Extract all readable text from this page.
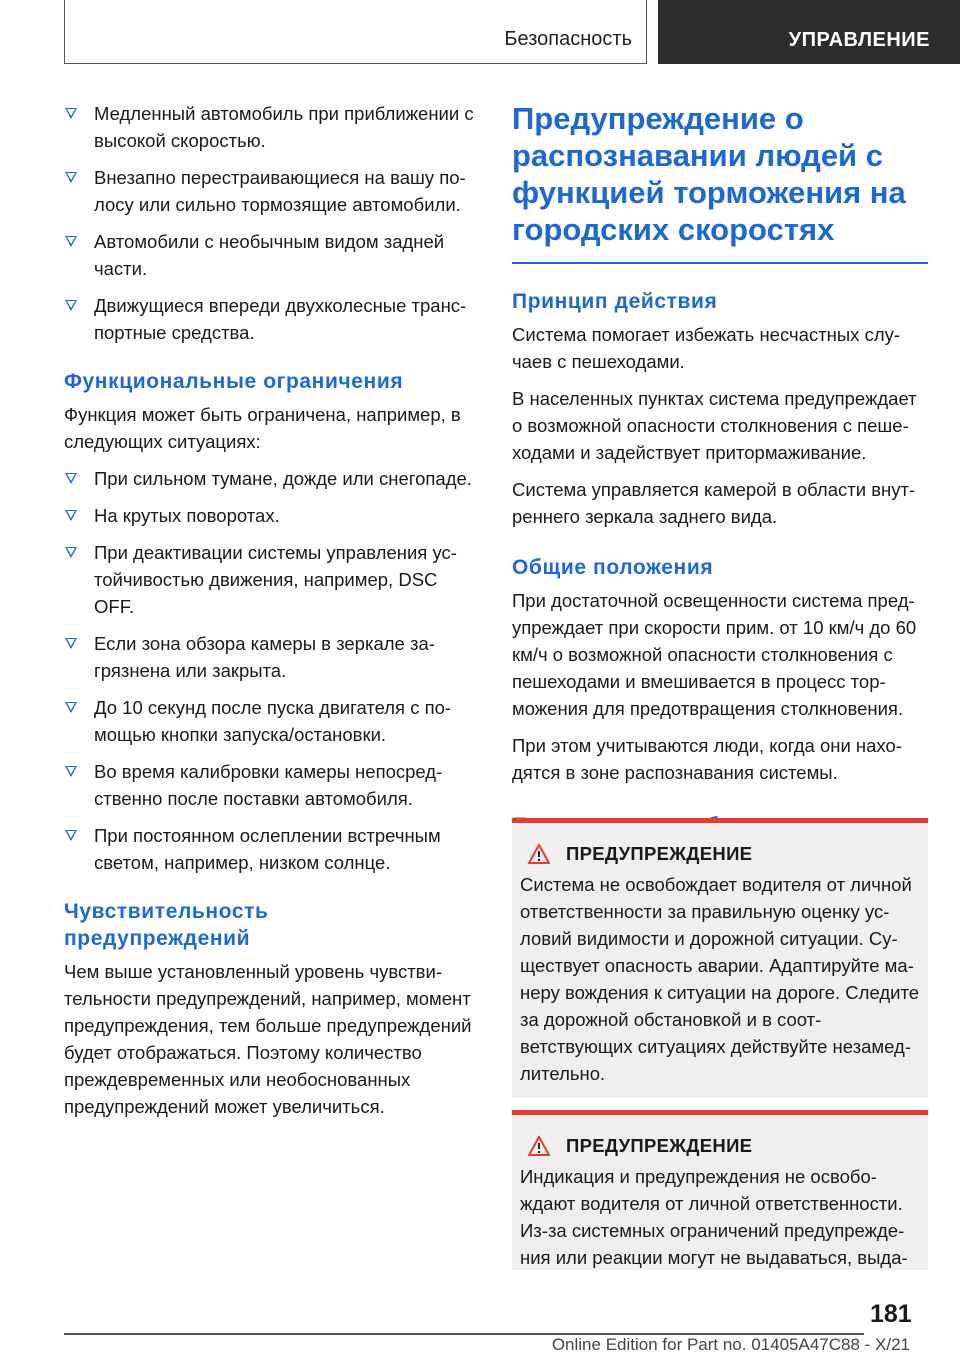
Безопасность	УПРАВЛЕНИЕ
Медленный автомобиль при приближении с высокой скоростью.
Внезапно перестраивающиеся на вашу полосу или сильно тормозящие автомобили.
Автомобили с необычным видом задней части.
Движущиеся впереди двухколесные транспортные средства.
Функциональные ограничения

Функция может быть ограничена, например, в следующих ситуациях:

При сильном тумане, дожде или снегопаде.
На крутых поворотах.
При деактивации системы управления устойчивостью движения, например, DSC OFF.
Если зона обзора камеры в зеркале загрязнена или закрыта.
До 10 секунд после пуска двигателя с помощью кнопки запуска/остановки.
Во время калибровки камеры непосредственно после поставки автомобиля.
При постоянном ослеплении встречным светом, например, низком солнце.
Чувствительность предупреждений

Чем выше установленный уровень чувствительности предупреждений, например, момент предупреждения, тем больше предупреждений будет отображаться. Поэтому количество преждевременных или необоснованных предупреждений может увеличиться.

Предупреждение о распознавании людей с функцией торможения на городских скоростях
Принцип действия

Система помогает избежать несчастных случаев с пешеходами.

В населенных пунктах система предупреждает о возможной опасности столкновения с пешеходами и задействует притормаживание.

Система управляется камерой в области внутреннего зеркала заднего вида.

Общие положения

При достаточной освещенности система предупреждает при скорости прим. от 10 км/ч до 60 км/ч о возможной опасности столкновения с пешеходами и вмешивается в процесс торможения для предотвращения столкновения.

При этом учитываются люди, когда они находятся в зоне распознавания системы.

ПРЕДУПРЕЖДЕНИЕ

Система не освобождает водителя от личной ответственности за правильную оценку условий видимости и дорожной ситуации. Существует опасность аварии. Адаптируйте манеру вождения к ситуации на дороге. Следите за дорожной обстановкой и в соответствующих ситуациях действуйте незамедлительно.

ПРЕДУПРЕЖДЕНИЕ

Индикация и предупреждения не освобождают водителя от личной ответственности. Из-за системных ограничений предупреждения или реакции могут не выдаваться, выда-

181
Online Edition for Part no. 01405A47C88 - X/21
